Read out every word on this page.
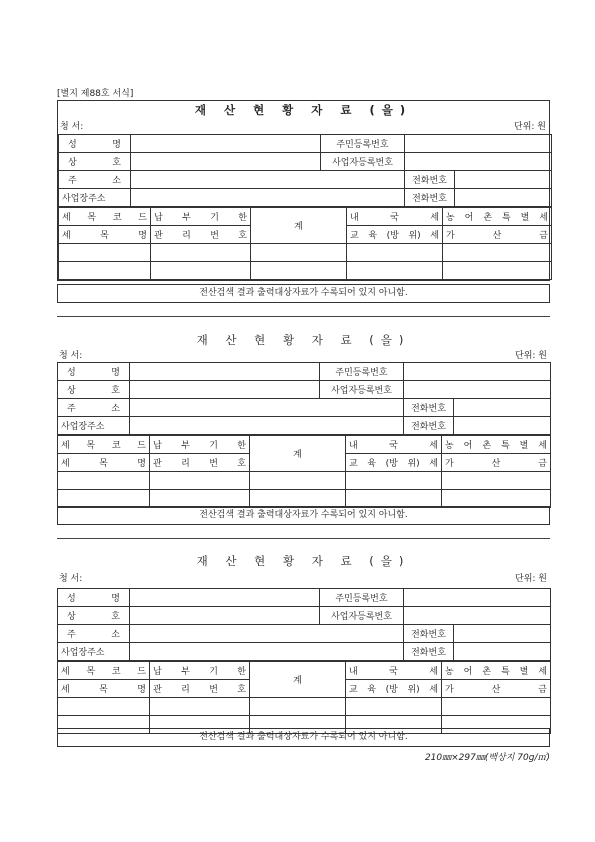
[별지 제88호 서식]
재 산 현 황 자 료 (을)
청 서:	단위: 원
성 명		주민등록번호		

상 호		사업자등록번호		

주 소			전화번호	
사업장주소			전화번호	
세 목 코 드	납 부 기 한	계	내 국 세	농 어 촌 특 별 세

세 목 명	관 리 번 호		교 육 (방 위) 세	가 산 금

전산검색 결과 출력대상자료가 수록되어 있지 아니함.
재 산 현 황 자 료 (을)
청 서:	단위: 원
성 명		주민등록번호		

상 호		사업자등록번호		

주 소			전화번호	
사업장주소			전화번호	
세 목 코 드	납 부 기 한	계	내 국 세	농 어 촌 특 별 세

세 목 명	관 리 번 호		교 육 (방 위) 세	가 산 금

전산검색 결과 출력대상자료가 수록되어 있지 아니함.
재 산 현 황 자 료 (을)
청 서:	단위: 원
성 명		주민등록번호		

상 호		사업자등록번호		

주 소			전화번호	
사업장주소			전화번호	
세 목 코 드	납 부 기 한	계	내 국 세	농 어 촌 특 별 세

세 목 명	관 리 번 호		교 육 (방 위) 세	가 산 금

전산검색 결과 출력대상자료가 수록되어 있지 아니함.
210㎜×297㎜(백상지 70g/㎡)
